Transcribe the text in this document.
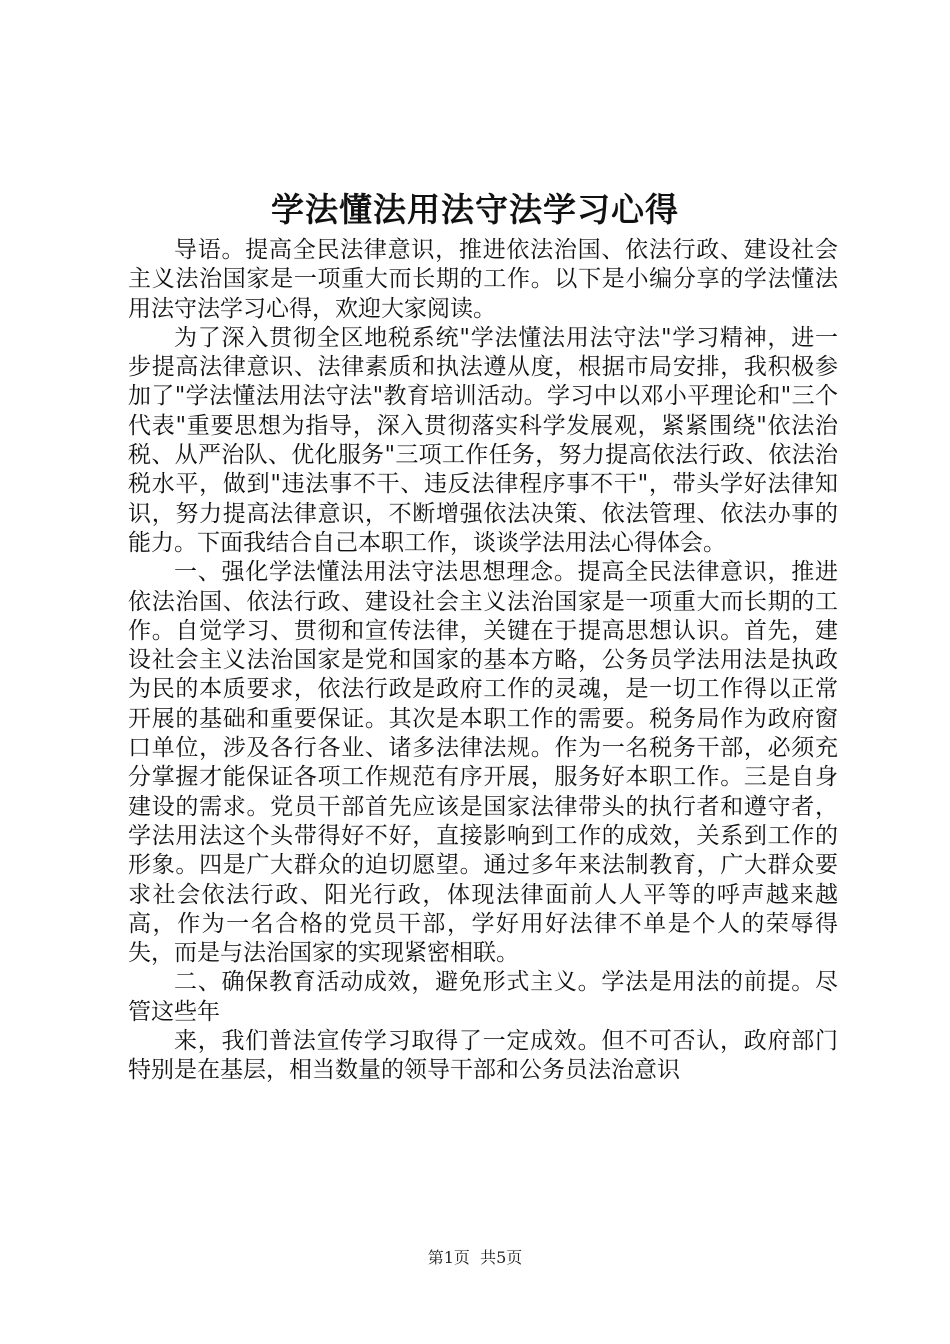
学法懂法用法守法学习心得

导语。提高全民法律意识，推进依法治国、依法行政、建设社会主义法治国家是一项重大而长期的工作。以下是小编分享的学法懂法用法守法学习心得，欢迎大家阅读。

为了深入贯彻全区地税系统"学法懂法用法守法"学习精神，进一步提高法律意识、法律素质和执法遵从度，根据市局安排，我积极参加了"学法懂法用法守法"教育培训活动。学习中以邓小平理论和"三个代表"重要思想为指导，深入贯彻落实科学发展观，紧紧围绕"依法治税、从严治队、优化服务"三项工作任务，努力提高依法行政、依法治税水平，做到"违法事不干、违反法律程序事不干"，带头学好法律知识，努力提高法律意识，不断增强依法决策、依法管理、依法办事的能力。下面我结合自己本职工作，谈谈学法用法心得体会。

一、强化学法懂法用法守法思想理念。提高全民法律意识，推进依法治国、依法行政、建设社会主义法治国家是一项重大而长期的工作。自觉学习、贯彻和宣传法律，关键在于提高思想认识。首先，建设社会主义法治国家是党和国家的基本方略，公务员学法用法是执政为民的本质要求，依法行政是政府工作的灵魂，是一切工作得以正常开展的基础和重要保证。其次是本职工作的需要。税务局作为政府窗口单位，涉及各行各业、诸多法律法规。作为一名税务干部，必须充分掌握才能保证各项工作规范有序开展，服务好本职工作。三是自身建设的需求。党员干部首先应该是国家法律带头的执行者和遵守者，学法用法这个头带得好不好，直接影响到工作的成效，关系到工作的形象。四是广大群众的迫切愿望。通过多年来法制教育，广大群众要求社会依法行政、阳光行政，体现法律面前人人平等的呼声越来越高，作为一名合格的党员干部，学好用好法律不单是个人的荣辱得失，而是与法治国家的实现紧密相联。

二、确保教育活动成效，避免形式主义。学法是用法的前提。尽管这些年

来，我们普法宣传学习取得了一定成效。但不可否认，政府部门特别是在基层，相当数量的领导干部和公务员法治意识

第1页 共5页
